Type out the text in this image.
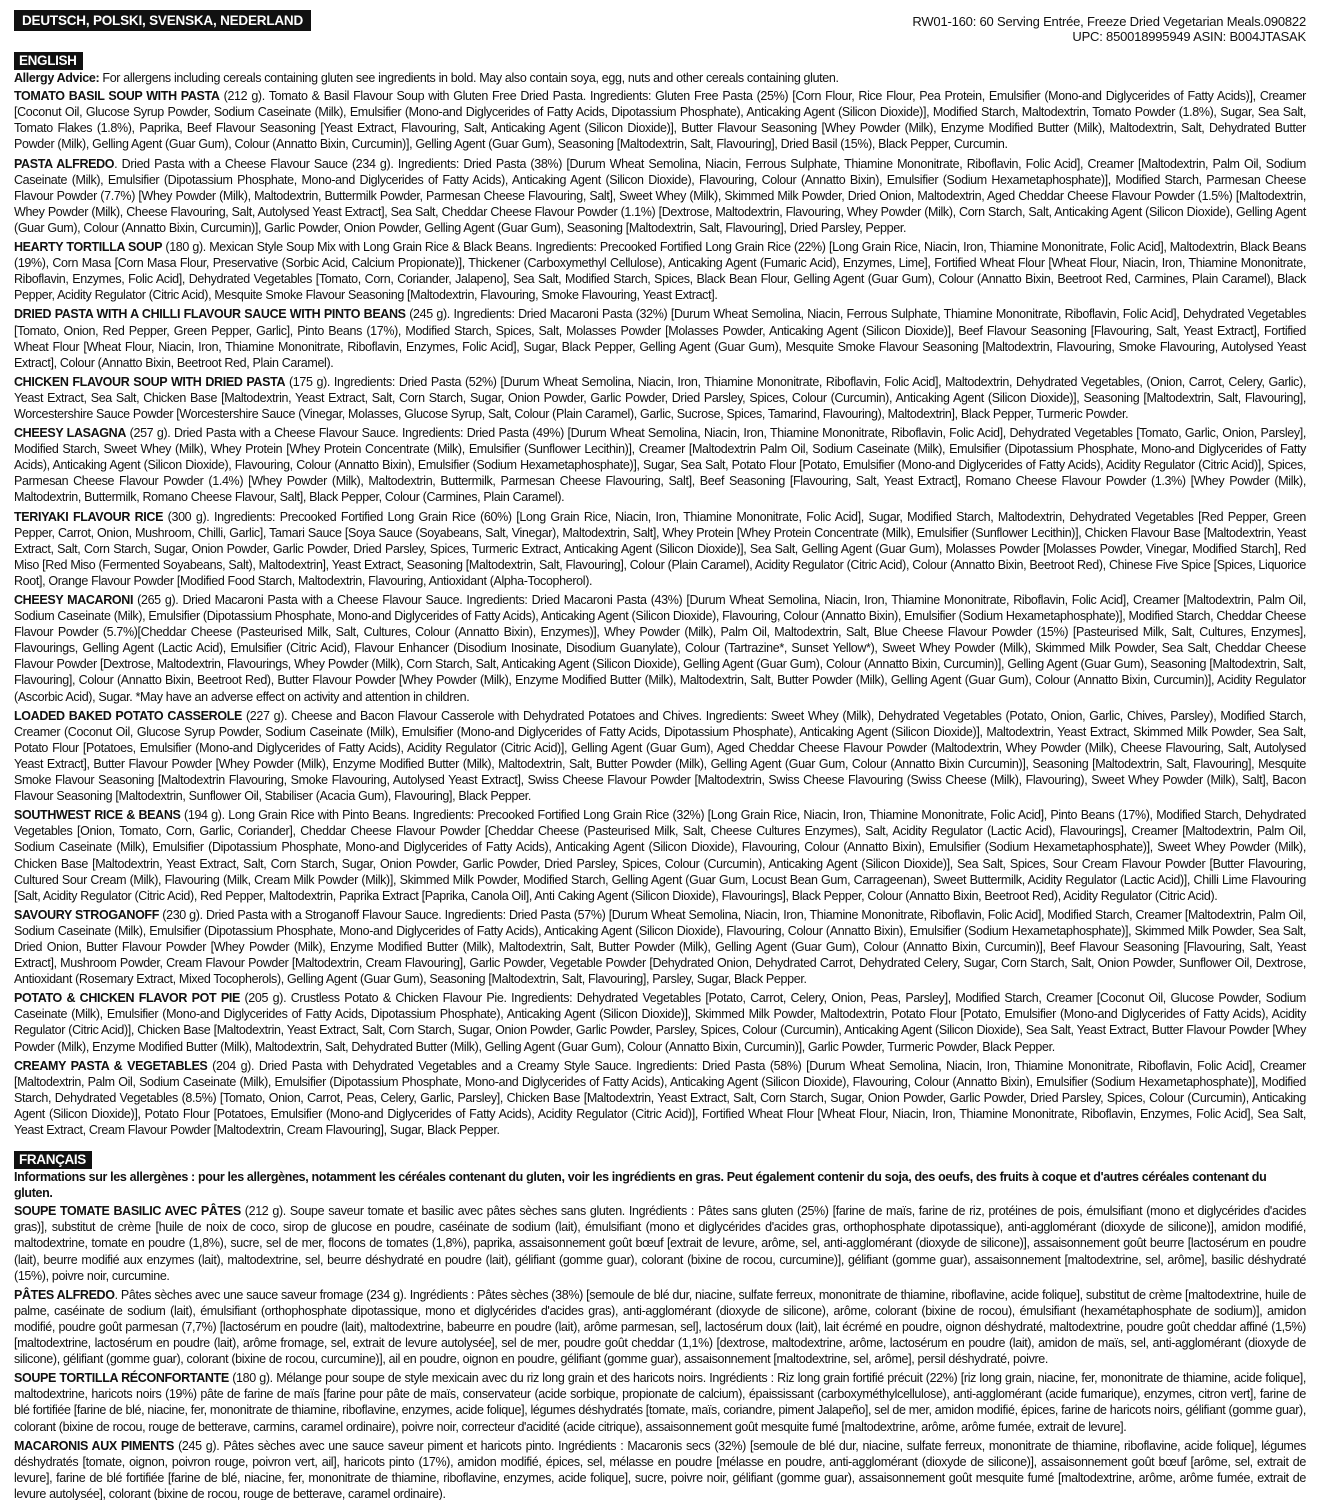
DEUTSCH, POLSKI, SVENSKA, NEDERLAND	RW01-160: 60 Serving Entrée, Freeze Dried Vegetarian Meals.090822
UPC: 850018995949 ASIN: B004JTASAK
ENGLISH
Allergy Advice: For allergens including cereals containing gluten see ingredients in bold. May also contain soya, egg, nuts and other cereals containing gluten.
TOMATO BASIL SOUP WITH PASTA (212 g). Tomato & Basil Flavour Soup with Gluten Free Dried Pasta. Ingredients: Gluten Free Pasta (25%) [Corn Flour, Rice Flour, Pea Protein, Emulsifier (Mono-and Diglycerides of Fatty Acids)], Creamer [Coconut Oil, Glucose Syrup Powder, Sodium Caseinate (Milk), Emulsifier (Mono-and Diglycerides of Fatty Acids, Dipotassium Phosphate), Anticaking Agent (Silicon Dioxide)], Modified Starch, Maltodextrin, Tomato Powder (1.8%), Sugar, Sea Salt, Tomato Flakes (1.8%), Paprika, Beef Flavour Seasoning [Yeast Extract, Flavouring, Salt, Anticaking Agent (Silicon Dioxide)], Butter Flavour Seasoning [Whey Powder (Milk), Enzyme Modified Butter (Milk), Maltodextrin, Salt, Dehydrated Butter Powder (Milk), Gelling Agent (Guar Gum), Colour (Annatto Bixin, Curcumin)], Gelling Agent (Guar Gum), Seasoning [Maltodextrin, Salt, Flavouring], Dried Basil (15%), Black Pepper, Curcumin.
PASTA ALFREDO. Dried Pasta with a Cheese Flavour Sauce (234 g). Ingredients: Dried Pasta (38%) [Durum Wheat Semolina, Niacin, Ferrous Sulphate, Thiamine Mononitrate, Riboflavin, Folic Acid], Creamer [Maltodextrin, Palm Oil, Sodium Caseinate (Milk), Emulsifier (Dipotassium Phosphate, Mono-and Diglycerides of Fatty Acids), Anticaking Agent (Silicon Dioxide), Flavouring, Colour (Annatto Bixin), Emulsifier (Sodium Hexametaphosphate)], Modified Starch, Parmesan Cheese Flavour Powder (7.7%) [Whey Powder (Milk), Maltodextrin, Buttermilk Powder, Parmesan Cheese Flavouring, Salt], Sweet Whey (Milk), Skimmed Milk Powder, Dried Onion, Maltodextrin, Aged Cheddar Cheese Flavour Powder (1.5%) [Maltodextrin, Whey Powder (Milk), Cheese Flavouring, Salt, Autolysed Yeast Extract], Sea Salt, Cheddar Cheese Flavour Powder (1.1%) [Dextrose, Maltodextrin, Flavouring, Whey Powder (Milk), Corn Starch, Salt, Anticaking Agent (Silicon Dioxide), Gelling Agent (Guar Gum), Colour (Annatto Bixin, Curcumin)], Garlic Powder, Onion Powder, Gelling Agent (Guar Gum), Seasoning [Maltodextrin, Salt, Flavouring], Dried Parsley, Pepper.
HEARTY TORTILLA SOUP (180 g). Mexican Style Soup Mix with Long Grain Rice & Black Beans. Ingredients: Precooked Fortified Long Grain Rice (22%) [Long Grain Rice, Niacin, Iron, Thiamine Mononitrate, Folic Acid], Maltodextrin, Black Beans (19%), Corn Masa [Corn Masa Flour, Preservative (Sorbic Acid, Calcium Propionate)], Thickener (Carboxymethyl Cellulose), Anticaking Agent (Fumaric Acid), Enzymes, Lime], Fortified Wheat Flour [Wheat Flour, Niacin, Iron, Thiamine Mononitrate, Riboflavin, Enzymes, Folic Acid], Dehydrated Vegetables [Tomato, Corn, Coriander, Jalapeno], Sea Salt, Modified Starch, Spices, Black Bean Flour, Gelling Agent (Guar Gum), Colour (Annatto Bixin, Beetroot Red, Carmines, Plain Caramel), Black Pepper, Acidity Regulator (Citric Acid), Mesquite Smoke Flavour Seasoning [Maltodextrin, Flavouring, Smoke Flavouring, Yeast Extract].
DRIED PASTA WITH A CHILLI FLAVOUR SAUCE WITH PINTO BEANS (245 g). Ingredients: Dried Macaroni Pasta (32%) [Durum Wheat Semolina, Niacin, Ferrous Sulphate, Thiamine Mononitrate, Riboflavin, Folic Acid], Dehydrated Vegetables [Tomato, Onion, Red Pepper, Green Pepper, Garlic], Pinto Beans (17%), Modified Starch, Spices, Salt, Molasses Powder [Molasses Powder, Anticaking Agent (Silicon Dioxide)], Beef Flavour Seasoning [Flavouring, Salt, Yeast Extract], Fortified Wheat Flour [Wheat Flour, Niacin, Iron, Thiamine Mononitrate, Riboflavin, Enzymes, Folic Acid], Sugar, Black Pepper, Gelling Agent (Guar Gum), Mesquite Smoke Flavour Seasoning [Maltodextrin, Flavouring, Smoke Flavouring, Autolysed Yeast Extract], Colour (Annatto Bixin, Beetroot Red, Plain Caramel).
CHICKEN FLAVOUR SOUP WITH DRIED PASTA (175 g). Ingredients: Dried Pasta (52%) [Durum Wheat Semolina, Niacin, Iron, Thiamine Mononitrate, Riboflavin, Folic Acid], Maltodextrin, Dehydrated Vegetables, (Onion, Carrot, Celery, Garlic), Yeast Extract, Sea Salt, Chicken Base [Maltodextrin, Yeast Extract, Salt, Corn Starch, Sugar, Onion Powder, Garlic Powder, Dried Parsley, Spices, Colour (Curcumin), Anticaking Agent (Silicon Dioxide)], Seasoning [Maltodextrin, Salt, Flavouring], Worcestershire Sauce Powder [Worcestershire Sauce (Vinegar, Molasses, Glucose Syrup, Salt, Colour (Plain Caramel), Garlic, Sucrose, Spices, Tamarind, Flavouring), Maltodextrin], Black Pepper, Turmeric Powder.
CHEESY LASAGNA (257 g). Dried Pasta with a Cheese Flavour Sauce. Ingredients: Dried Pasta (49%) [Durum Wheat Semolina, Niacin, Iron, Thiamine Mononitrate, Riboflavin, Folic Acid], Dehydrated Vegetables [Tomato, Garlic, Onion, Parsley], Modified Starch, Sweet Whey (Milk), Whey Protein [Whey Protein Concentrate (Milk), Emulsifier (Sunflower Lecithin)], Creamer [Maltodextrin Palm Oil, Sodium Caseinate (Milk), Emulsifier (Dipotassium Phosphate, Mono-and Diglycerides of Fatty Acids), Anticaking Agent (Silicon Dioxide), Flavouring, Colour (Annatto Bixin), Emulsifier (Sodium Hexametaphosphate)], Sugar, Sea Salt, Potato Flour [Potato, Emulsifier (Mono-and Diglycerides of Fatty Acids), Acidity Regulator (Citric Acid)], Spices, Parmesan Cheese Flavour Powder (1.4%) [Whey Powder (Milk), Maltodextrin, Buttermilk, Parmesan Cheese Flavouring, Salt], Beef Seasoning [Flavouring, Salt, Yeast Extract], Romano Cheese Flavour Powder (1.3%) [Whey Powder (Milk), Maltodextrin, Buttermilk, Romano Cheese Flavour, Salt], Black Pepper, Colour (Carmines, Plain Caramel).
TERIYAKI FLAVOUR RICE (300 g). Ingredients: Precooked Fortified Long Grain Rice (60%) [Long Grain Rice, Niacin, Iron, Thiamine Mononitrate, Folic Acid], Sugar, Modified Starch, Maltodextrin, Dehydrated Vegetables [Red Pepper, Green Pepper, Carrot, Onion, Mushroom, Chilli, Garlic], Tamari Sauce [Soya Sauce (Soyabeans, Salt, Vinegar), Maltodextrin, Salt], Whey Protein [Whey Protein Concentrate (Milk), Emulsifier (Sunflower Lecithin)], Chicken Flavour Base [Maltodextrin, Yeast Extract, Salt, Corn Starch, Sugar, Onion Powder, Garlic Powder, Dried Parsley, Spices, Turmeric Extract, Anticaking Agent (Silicon Dioxide)], Sea Salt, Gelling Agent (Guar Gum), Molasses Powder [Molasses Powder, Vinegar, Modified Starch], Red Miso [Red Miso (Fermented Soyabeans, Salt), Maltodextrin], Yeast Extract, Seasoning [Maltodextrin, Salt, Flavouring], Colour (Plain Caramel), Acidity Regulator (Citric Acid), Colour (Annatto Bixin, Beetroot Red), Chinese Five Spice [Spices, Liquorice Root], Orange Flavour Powder [Modified Food Starch, Maltodextrin, Flavouring, Antioxidant (Alpha-Tocopherol).
CHEESY MACARONI (265 g). Dried Macaroni Pasta with a Cheese Flavour Sauce. Ingredients: Dried Macaroni Pasta (43%) [Durum Wheat Semolina, Niacin, Iron, Thiamine Mononitrate, Riboflavin, Folic Acid], Creamer [Maltodextrin, Palm Oil, Sodium Caseinate (Milk), Emulsifier (Dipotassium Phosphate, Mono-and Diglycerides of Fatty Acids), Anticaking Agent (Silicon Dioxide), Flavouring, Colour (Annatto Bixin), Emulsifier (Sodium Hexametaphosphate)], Modified Starch, Cheddar Cheese Flavour Powder (5.7%)[Cheddar Cheese (Pasteurised Milk, Salt, Cultures, Colour (Annatto Bixin), Enzymes)], Whey Powder (Milk), Palm Oil, Maltodextrin, Salt, Blue Cheese Flavour Powder (15%) [Pasteurised Milk, Salt, Cultures, Enzymes], Flavourings, Gelling Agent (Lactic Acid), Emulsifier (Citric Acid), Flavour Enhancer (Disodium Inosinate, Disodium Guanylate), Colour (Tartrazine*, Sunset Yellow*), Sweet Whey Powder (Milk), Skimmed Milk Powder, Sea Salt, Cheddar Cheese Flavour Powder [Dextrose, Maltodextrin, Flavourings, Whey Powder (Milk), Corn Starch, Salt, Anticaking Agent (Silicon Dioxide), Gelling Agent (Guar Gum), Colour (Annatto Bixin, Curcumin)], Gelling Agent (Guar Gum), Seasoning [Maltodextrin, Salt, Flavouring], Colour (Annatto Bixin, Beetroot Red), Butter Flavour Powder [Whey Powder (Milk), Enzyme Modified Butter (Milk), Maltodextrin, Salt, Butter Powder (Milk), Gelling Agent (Guar Gum), Colour (Annatto Bixin, Curcumin)], Acidity Regulator (Ascorbic Acid), Sugar. *May have an adverse effect on activity and attention in children.
LOADED BAKED POTATO CASSEROLE (227 g). Cheese and Bacon Flavour Casserole with Dehydrated Potatoes and Chives. Ingredients: Sweet Whey (Milk), Dehydrated Vegetables (Potato, Onion, Garlic, Chives, Parsley), Modified Starch, Creamer (Coconut Oil, Glucose Syrup Powder, Sodium Caseinate (Milk), Emulsifier (Mono-and Diglycerides of Fatty Acids, Dipotassium Phosphate), Anticaking Agent (Silicon Dioxide)], Maltodextrin, Yeast Extract, Skimmed Milk Powder, Sea Salt, Potato Flour [Potatoes, Emulsifier (Mono-and Diglycerides of Fatty Acids), Acidity Regulator (Citric Acid)], Gelling Agent (Guar Gum), Aged Cheddar Cheese Flavour Powder (Maltodextrin, Whey Powder (Milk), Cheese Flavouring, Salt, Autolysed Yeast Extract], Butter Flavour Powder [Whey Powder (Milk), Enzyme Modified Butter (Milk), Maltodextrin, Salt, Butter Powder (Milk), Gelling Agent (Guar Gum, Colour (Annatto Bixin Curcumin)], Seasoning [Maltodextrin, Salt, Flavouring], Mesquite Smoke Flavour Seasoning [Maltodextrin Flavouring, Smoke Flavouring, Autolysed Yeast Extract], Swiss Cheese Flavour Powder [Maltodextrin, Swiss Cheese Flavouring (Swiss Cheese (Milk), Flavouring), Sweet Whey Powder (Milk), Salt], Bacon Flavour Seasoning [Maltodextrin, Sunflower Oil, Stabiliser (Acacia Gum), Flavouring], Black Pepper.
SOUTHWEST RICE & BEANS (194 g). Long Grain Rice with Pinto Beans. Ingredients: Precooked Fortified Long Grain Rice (32%) [Long Grain Rice, Niacin, Iron, Thiamine Mononitrate, Folic Acid], Pinto Beans (17%), Modified Starch, Dehydrated Vegetables [Onion, Tomato, Corn, Garlic, Coriander], Cheddar Cheese Flavour Powder [Cheddar Cheese (Pasteurised Milk, Salt, Cheese Cultures Enzymes), Salt, Acidity Regulator (Lactic Acid), Flavourings], Creamer [Maltodextrin, Palm Oil, Sodium Caseinate (Milk), Emulsifier (Dipotassium Phosphate, Mono-and Diglycerides of Fatty Acids), Anticaking Agent (Silicon Dioxide), Flavouring, Colour (Annatto Bixin), Emulsifier (Sodium Hexametaphosphate)], Sweet Whey Powder (Milk), Chicken Base [Maltodextrin, Yeast Extract, Salt, Corn Starch, Sugar, Onion Powder, Garlic Powder, Dried Parsley, Spices, Colour (Curcumin), Anticaking Agent (Silicon Dioxide)], Sea Salt, Spices, Sour Cream Flavour Powder [Butter Flavouring, Cultured Sour Cream (Milk), Flavouring (Milk, Cream Milk Powder (Milk)], Skimmed Milk Powder, Modified Starch, Gelling Agent (Guar Gum, Locust Bean Gum, Carrageenan), Sweet Buttermilk, Acidity Regulator (Lactic Acid)], Chilli Lime Flavouring [Salt, Acidity Regulator (Citric Acid), Red Pepper, Maltodextrin, Paprika Extract [Paprika, Canola Oil], Anti Caking Agent (Silicon Dioxide), Flavourings], Black Pepper, Colour (Annatto Bixin, Beetroot Red), Acidity Regulator (Citric Acid).
SAVOURY STROGANOFF (230 g). Dried Pasta with a Stroganoff Flavour Sauce. Ingredients: Dried Pasta (57%) [Durum Wheat Semolina, Niacin, Iron, Thiamine Mononitrate, Riboflavin, Folic Acid], Modified Starch, Creamer [Maltodextrin, Palm Oil, Sodium Caseinate (Milk), Emulsifier (Dipotassium Phosphate, Mono-and Diglycerides of Fatty Acids), Anticaking Agent (Silicon Dioxide), Flavouring, Colour (Annatto Bixin), Emulsifier (Sodium Hexametaphosphate)], Skimmed Milk Powder, Sea Salt, Dried Onion, Butter Flavour Powder [Whey Powder (Milk), Enzyme Modified Butter (Milk), Maltodextrin, Salt, Butter Powder (Milk), Gelling Agent (Guar Gum), Colour (Annatto Bixin, Curcumin)], Beef Flavour Seasoning [Flavouring, Salt, Yeast Extract], Mushroom Powder, Cream Flavour Powder [Maltodextrin, Cream Flavouring], Garlic Powder, Vegetable Powder [Dehydrated Onion, Dehydrated Carrot, Dehydrated Celery, Sugar, Corn Starch, Salt, Onion Powder, Sunflower Oil, Dextrose, Antioxidant (Rosemary Extract, Mixed Tocopherols), Gelling Agent (Guar Gum), Seasoning [Maltodextrin, Salt, Flavouring], Parsley, Sugar, Black Pepper.
POTATO & CHICKEN FLAVOR POT PIE (205 g). Crustless Potato & Chicken Flavour Pie. Ingredients: Dehydrated Vegetables [Potato, Carrot, Celery, Onion, Peas, Parsley], Modified Starch, Creamer [Coconut Oil, Glucose Powder, Sodium Caseinate (Milk), Emulsifier (Mono-and Diglycerides of Fatty Acids, Dipotassium Phosphate), Anticaking Agent (Silicon Dioxide)], Skimmed Milk Powder, Maltodextrin, Potato Flour [Potato, Emulsifier (Mono-and Diglycerides of Fatty Acids), Acidity Regulator (Citric Acid)], Chicken Base [Maltodextrin, Yeast Extract, Salt, Corn Starch, Sugar, Onion Powder, Garlic Powder, Parsley, Spices, Colour (Curcumin), Anticaking Agent (Silicon Dioxide), Sea Salt, Yeast Extract, Butter Flavour Powder [Whey Powder (Milk), Enzyme Modified Butter (Milk), Maltodextrin, Salt, Dehydrated Butter (Milk), Gelling Agent (Guar Gum), Colour (Annatto Bixin, Curcumin)], Garlic Powder, Turmeric Powder, Black Pepper.
CREAMY PASTA & VEGETABLES (204 g). Dried Pasta with Dehydrated Vegetables and a Creamy Style Sauce. Ingredients: Dried Pasta (58%) [Durum Wheat Semolina, Niacin, Iron, Thiamine Mononitrate, Riboflavin, Folic Acid], Creamer [Maltodextrin, Palm Oil, Sodium Caseinate (Milk), Emulsifier (Dipotassium Phosphate, Mono-and Diglycerides of Fatty Acids), Anticaking Agent (Silicon Dioxide), Flavouring, Colour (Annatto Bixin), Emulsifier (Sodium Hexametaphosphate)], Modified Starch, Dehydrated Vegetables (8.5%) [Tomato, Onion, Carrot, Peas, Celery, Garlic, Parsley], Chicken Base [Maltodextrin, Yeast Extract, Salt, Corn Starch, Sugar, Onion Powder, Garlic Powder, Dried Parsley, Spices, Colour (Curcumin), Anticaking Agent (Silicon Dioxide)], Potato Flour [Potatoes, Emulsifier (Mono-and Diglycerides of Fatty Acids), Acidity Regulator (Citric Acid)], Fortified Wheat Flour [Wheat Flour, Niacin, Iron, Thiamine Mononitrate, Riboflavin, Enzymes, Folic Acid], Sea Salt, Yeast Extract, Cream Flavour Powder [Maltodextrin, Cream Flavouring], Sugar, Black Pepper.
FRANÇAIS
Informations sur les allergènes : pour les allergènes, notamment les céréales contenant du gluten, voir les ingrédients en gras. Peut également contenir du soja, des oeufs, des fruits à coque et d'autres céréales contenant du gluten.
SOUPE TOMATE BASILIC AVEC PÂTES (212 g). Soupe saveur tomate et basilic avec pâtes sèches sans gluten. Ingrédients : Pâtes sans gluten (25%) [farine de maïs, farine de riz, protéines de pois, émulsifiant (mono et diglycérides d'acides gras)], substitut de crème [huile de noix de coco, sirop de glucose en poudre, caséinate de sodium (lait), émulsifiant (mono et diglycérides d'acides gras, orthophosphate dipotassique), anti-agglomérant (dioxyde de silicone)], amidon modifié, maltodextrine, tomate en poudre (1,8%), sucre, sel de mer, flocons de tomates (1,8%), paprika, assaisonnement goût bœuf [extrait de levure, arôme, sel, anti-agglomérant (dioxyde de silicone)], assaisonnement goût beurre [lactosérum en poudre (lait), beurre modifié aux enzymes (lait), maltodextrine, sel, beurre déshydraté en poudre (lait), gélifiant (gomme guar), colorant (bixine de rocou, curcumine)], gélifiant (gomme guar), assaisonnement [maltodextrine, sel, arôme], basilic déshydraté (15%), poivre noir, curcumine.
PÂTES ALFREDO. Pâtes sèches avec une sauce saveur fromage (234 g). Ingrédients : Pâtes sèches (38%) [semoule de blé dur, niacine, sulfate ferreux, mononitrate de thiamine, riboflavine, acide folique], substitut de crème [maltodextrine, huile de palme, caséinate de sodium (lait), émulsifiant (orthophosphate dipotassique, mono et diglycérides d'acides gras), anti-agglomérant (dioxyde de silicone), arôme, colorant (bixine de rocou), émulsifiant (hexamétaphosphate de sodium)], amidon modifié, poudre goût parmesan (7,7%) [lactosérum en poudre (lait), maltodextrine, babeurre en poudre (lait), arôme parmesan, sel], lactosérum doux (lait), lait écrémé en poudre, oignon déshydraté, maltodextrine, poudre goût cheddar affiné (1,5%) [maltodextrine, lactosérum en poudre (lait), arôme fromage, sel, extrait de levure autolysée], sel de mer, poudre goût cheddar (1,1%) [dextrose, maltodextrine, arôme, lactosérum en poudre (lait), amidon de maïs, sel, anti-agglomérant (dioxyde de silicone), gélifiant (gomme guar), colorant (bixine de rocou, curcumine)], ail en poudre, oignon en poudre, gélifiant (gomme guar), assaisonnement [maltodextrine, sel, arôme], persil déshydraté, poivre.
SOUPE TORTILLA RÉCONFORTANTE (180 g). Mélange pour soupe de style mexicain avec du riz long grain et des haricots noirs. Ingrédients : Riz long grain fortifié précuit (22%) [riz long grain, niacine, fer, mononitrate de thiamine, acide folique], maltodextrine, haricots noirs (19%) pâte de farine de maïs [farine pour pâte de maïs, conservateur (acide sorbique, propionate de calcium), épaississant (carboxyméthylcellulose), anti-agglomérant (acide fumarique), enzymes, citron vert], farine de blé fortifiée [farine de blé, niacine, fer, mononitrate de thiamine, riboflavine, enzymes, acide folique], légumes déshydratés [tomate, maïs, coriandre, piment Jalapeño], sel de mer, amidon modifié, épices, farine de haricots noirs, gélifiant (gomme guar), colorant (bixine de rocou, rouge de betterave, carmins, caramel ordinaire), poivre noir, correcteur d'acidité (acide citrique), assaisonnement goût mesquite fumé [maltodextrine, arôme, arôme fumée, extrait de levure].
MACARONIS AUX PIMENTS (245 g). Pâtes sèches avec une sauce saveur piment et haricots pinto. Ingrédients : Macaronis secs (32%) [semoule de blé dur, niacine, sulfate ferreux, mononitrate de thiamine, riboflavine, acide folique], légumes déshydratés [tomate, oignon, poivron rouge, poivron vert, ail], haricots pinto (17%), amidon modifié, épices, sel, mélasse en poudre [mélasse en poudre, anti-agglomérant (dioxyde de silicone)], assaisonnement goût bœuf [arôme, sel, extrait de levure], farine de blé fortifiée [farine de blé, niacine, fer, mononitrate de thiamine, riboflavine, enzymes, acide folique], sucre, poivre noir, gélifiant (gomme guar), assaisonnement goût mesquite fumé [maltodextrine, arôme, arôme fumée, extrait de levure autolysée], colorant (bixine de rocou, rouge de betterave, caramel ordinaire).
